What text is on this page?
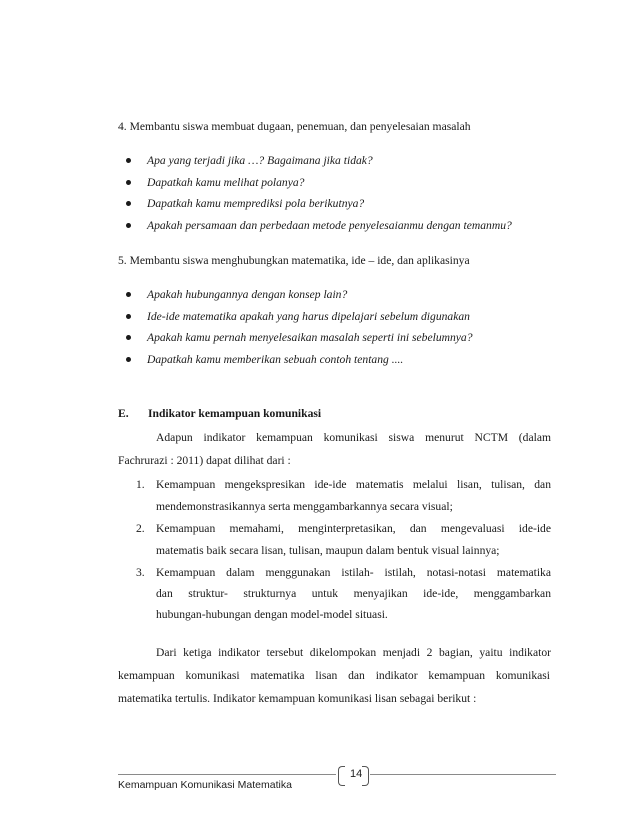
4. Membantu siswa membuat dugaan, penemuan, dan penyelesaian masalah
Apa yang terjadi jika …? Bagaimana jika tidak?
Dapatkah kamu melihat polanya?
Dapatkah kamu memprediksi pola berikutnya?
Apakah persamaan dan perbedaan metode penyelesaianmu dengan temanmu?
5. Membantu siswa menghubungkan matematika, ide – ide, dan aplikasinya
Apakah hubungannya dengan konsep lain?
Ide-ide matematika apakah yang harus dipelajari sebelum digunakan
Apakah kamu pernah menyelesaikan masalah seperti ini sebelumnya?
Dapatkah kamu memberikan sebuah contoh tentang ....
E. Indikator kemampuan komunikasi
Adapun indikator kemampuan komunikasi siswa menurut NCTM (dalam
Fachrurazi : 2011) dapat dilihat dari :
1. Kemampuan mengekspresikan ide-ide matematis melalui lisan, tulisan, dan
mendemonstrasikannya serta menggambarkannya secara visual;
2. Kemampuan memahami, menginterpretasikan, dan mengevaluasi ide-ide
matematis baik secara lisan, tulisan, maupun dalam bentuk visual lainnya;
3. Kemampuan dalam menggunakan istilah- istilah, notasi-notasi matematika
dan struktur- strukturnya untuk menyajikan ide-ide, menggambarkan
hubungan-hubungan dengan model-model situasi.
Dari ketiga indikator tersebut dikelompokan menjadi 2 bagian, yaitu indikator
kemampuan komunikasi matematika lisan dan indikator kemampuan komunikasi
matematika tertulis. Indikator kemampuan komunikasi lisan sebagai berikut :
14
Kemampuan Komunikasi Matematika
